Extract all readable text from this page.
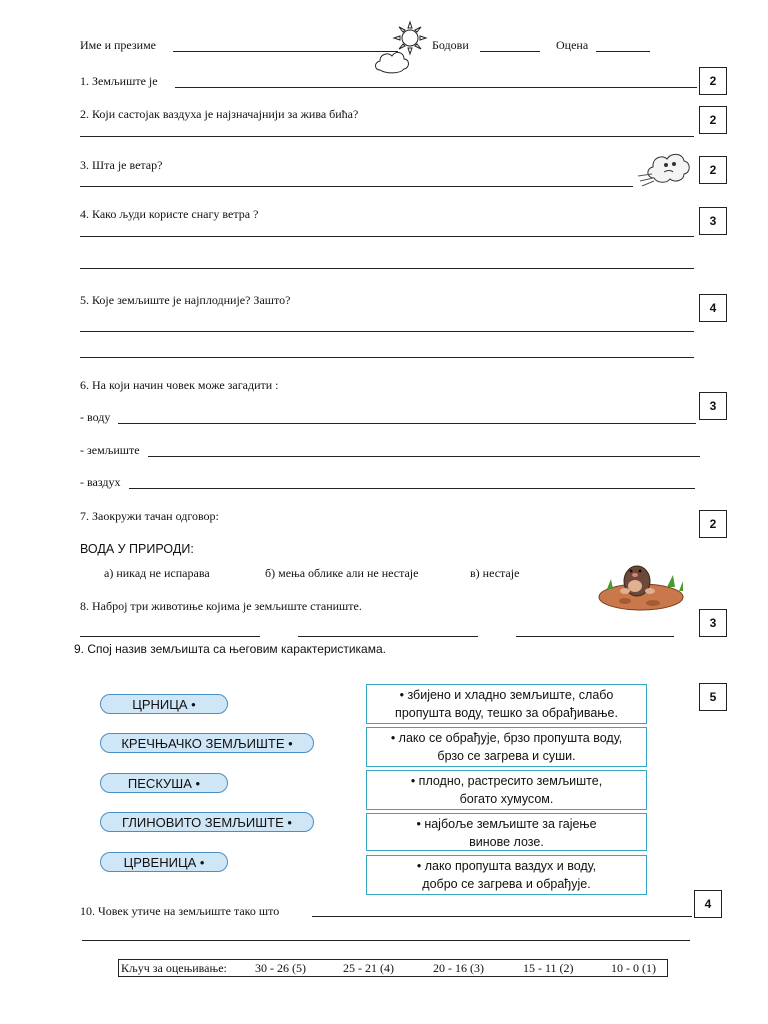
Име и презиме	Бодови	Оцена
1. Земљиште је	2
2. Који састојак ваздуха је најзначајнији за жива бића?	2
3. Шта је ветар?	2
4. Како људи користе снагу ветра ?	3
5. Које земљиште је најплодније? Зашто?
4
6. На који начин човек може загадити :
- воду
- земљиште
- ваздух
3
7. Заокружи тачан одговор:
ВОДА У ПРИРОДИ:
а) никад не испарава	б) мења облике али не нестаје	в) нестаје
2
8. Наброј три животиње којима је земљиште станиште.
3
9. Спој назив земљишта са његовим карактеристикама.
5
ЦРНИЦА •
КРЕЧЊАЧКО ЗЕМЉИШТЕ •
ПЕСКУША •
ГЛИНОВИТО ЗЕМЉИШТЕ •
ЦРВЕНИЦА •
• збијено и хладно земљиште, слабо
пропушта воду, тешко за обрађивање.
• лако се обрађује, брзо пропушта воду,
брзо се загрева и суши.
• плодно, растресито земљиште,
богато хумусом.
• најбоље земљиште за гајење
винове лозе.
• лако пропушта ваздух и воду,
добро се загрева и обрађује.
10. Човек утиче на земљиште тако што	4
Кључ за оцењивање: 30 - 26 (5)	25 - 21 (4)	20 - 16 (3)	15 - 11 (2)	10 - 0 (1)
